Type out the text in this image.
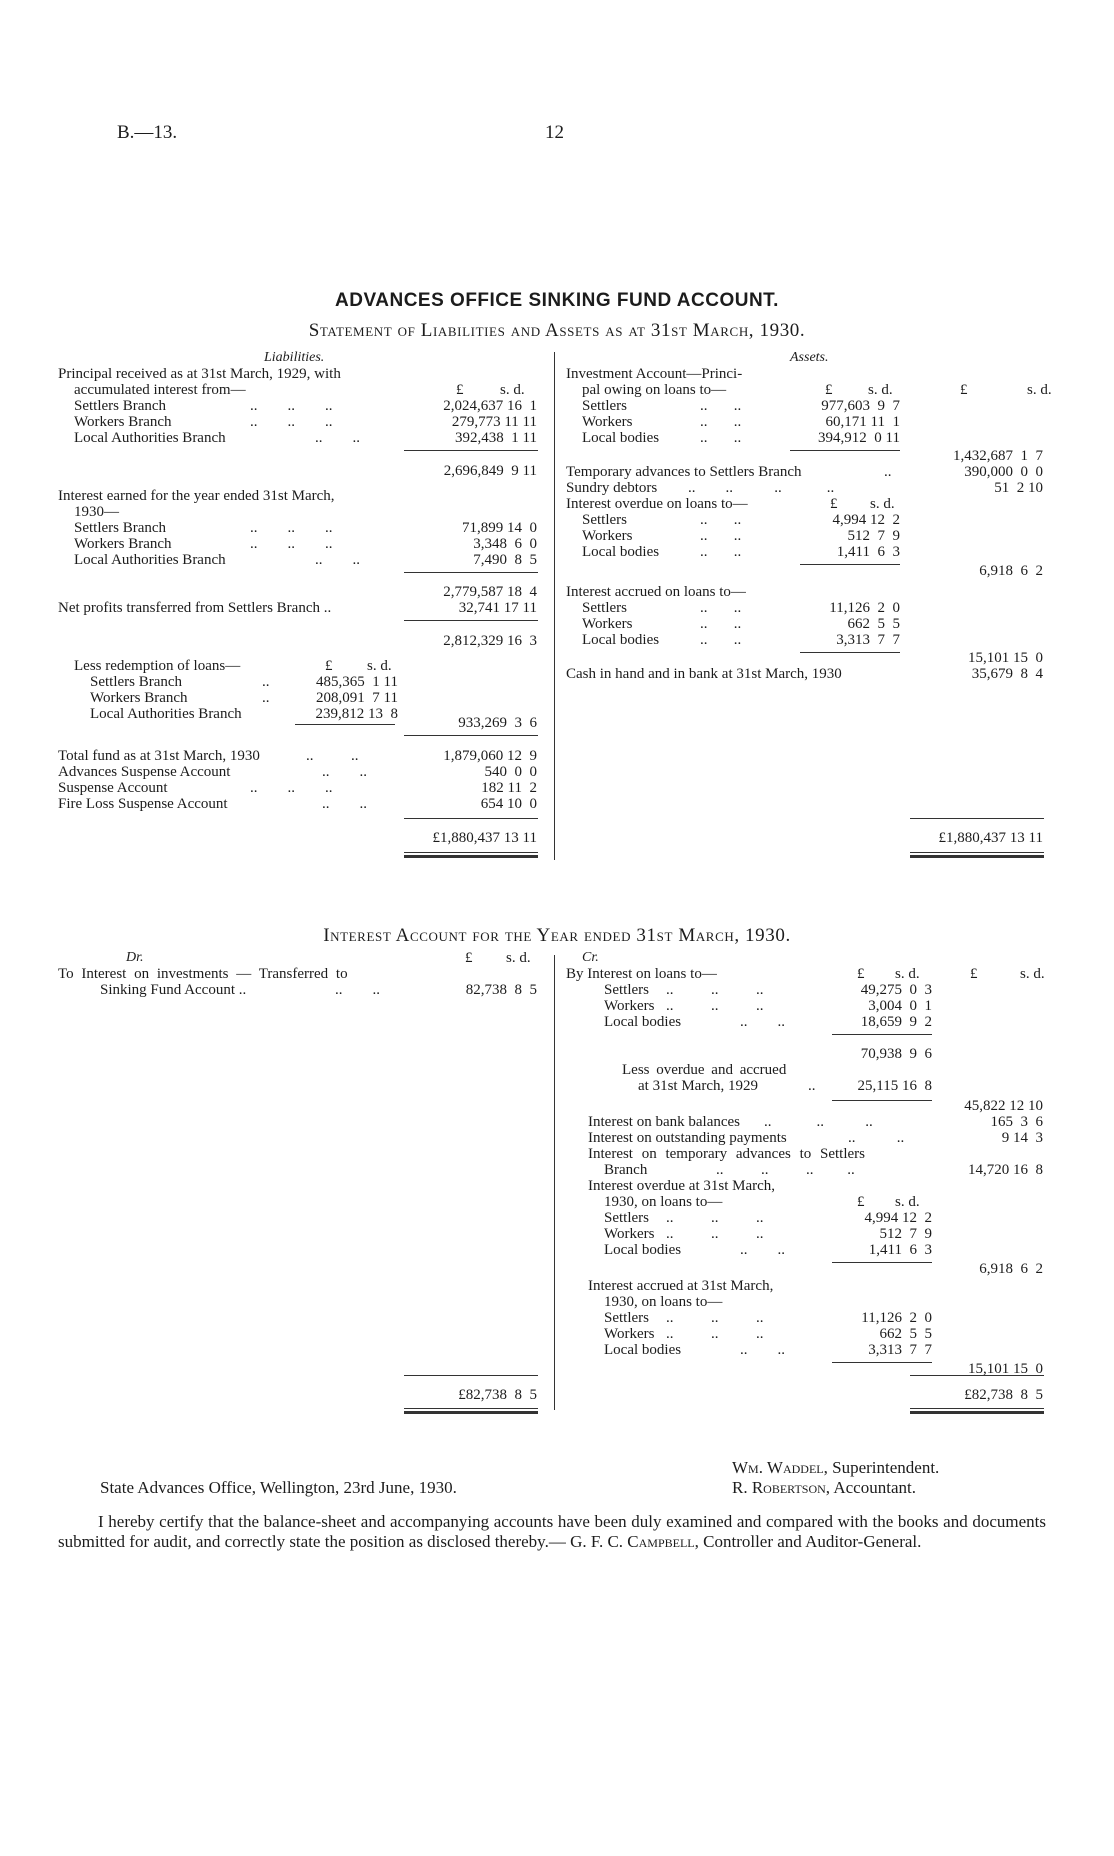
B.—13.	12
ADVANCES OFFICE SINKING FUND ACCOUNT.
Statement of Liabilities and Assets as at 31st March, 1930.
Liabilities.
Principal received as at 31st March, 1929, with
accumulated interest from—	£ s. d.
Settlers Branch	..        ..        ..	2,024,637 16  1
Workers Branch	..        ..        ..	279,773 11 11
Local Authorities Branch	..        ..	392,438  1 11
2,696,849  9 11
Interest earned for the year ended 31st March,
1930—
Settlers Branch	..        ..        ..	71,899 14  0
Workers Branch	..        ..        ..	3,348  6  0
Local Authorities Branch	..        ..	7,490  8  5
2,779,587 18  4
Net profits transferred from Settlers Branch ..	32,741 17 11
2,812,329 16  3
Less redemption of loans—	£ s. d.
Settlers Branch	..	485,365  1 11
Workers Branch	..	208,091  7 11
Local Authorities Branch	239,812 13  8
933,269  3  6
Total fund as at 31st March, 1930	..          ..	1,879,060 12  9
Advances Suspense Account	..        ..	540  0  0
Suspense Account	..        ..        ..	182 11  2
Fire Loss Suspense Account	..        ..	654 10  0
£1,880,437 13 11
Assets.
Investment Account—Princi-
pal owing on loans to—	£ s. d.	£	s. d.
Settlers	..       ..	977,603  9  7
Workers	..       ..	60,171 11  1
Local bodies	..       ..	394,912  0 11
1,432,687  1  7
Temporary advances to Settlers Branch	..	390,000  0  0
Sundry debtors ..        ..           ..            ..	51  2 10
Interest overdue on loans to—	£ s. d.
Settlers	..       ..	4,994 12  2
Workers	..       ..	512  7  9
Local bodies	..       ..	1,411  6  3
6,918  6  2
Interest accrued on loans to—
Settlers	..       ..	11,126  2  0
Workers	..       ..	662  5  5
Local bodies	..       ..	3,313  7  7
15,101 15  0
Cash in hand and in bank at 31st March, 1930	35,679  8  4
£1,880,437 13 11
Interest Account for the Year ended 31st March, 1930.
Dr.	£ s. d.
To Interest on investments — Transferred to
Sinking Fund Account ..	..        ..	82,738  8  5
£82,738  8  5
Cr.
By Interest on loans to—	£ s. d.	£	s. d.
Settlers ..          ..          ..	49,275  0  3
Workers ..          ..          ..	3,004  0  1
Local bodies	..        ..	18,659  9  2
70,938  9  6
Less overdue and accrued
at 31st March, 1929	..	25,115 16  8
45,822 12 10
Interest on bank balances ..            ..           ..	165  3  6
Interest on outstanding payments	..           ..	9 14  3
Interest on temporary advances to Settlers
Branch	..          ..          ..         ..	14,720 16  8
Interest overdue at 31st March,
1930, on loans to—	£ s. d.
Settlers ..          ..          ..	4,994 12  2
Workers ..          ..          ..	512  7  9
Local bodies	..        ..	1,411  6  3
6,918  6  2
Interest accrued at 31st March,
1930, on loans to—
Settlers ..          ..          ..	11,126  2  0
Workers ..          ..          ..	662  5  5
Local bodies	..        ..	3,313  7  7
15,101 15  0
£82,738  8  5
State Advances Office, Wellington, 23rd June, 1930.
Wm. Waddel, Superintendent.
R. Robertson, Accountant.
I hereby certify that the balance-sheet and accompanying accounts have been duly examined and compared with the books and documents submitted for audit, and correctly state the position as disclosed thereby.— G. F. C. Campbell, Controller and Auditor-General.
